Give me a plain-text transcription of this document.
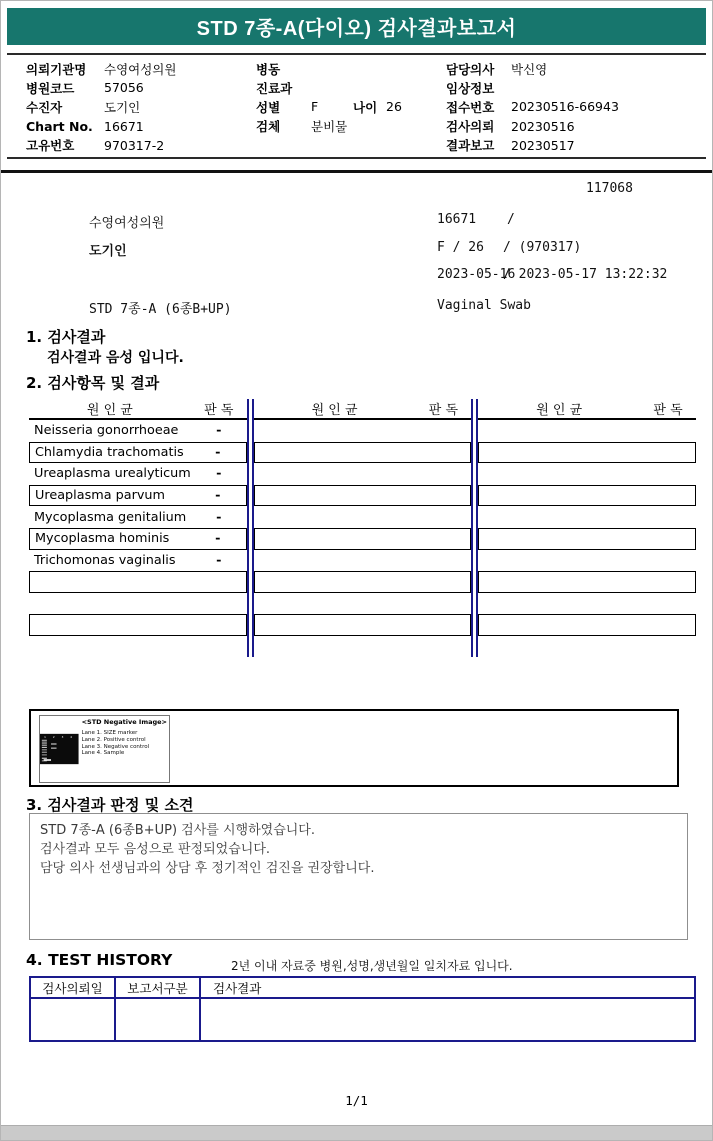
STD 7종-A(다이오) 검사결과보고서
의뢰기관명	수영여성의원
병원코드	57056
수진자	도기인
Chart No. 16671
고유번호	970317-2
병동
진료과
성별	F	나이 26
검체	분비물
담당의사	박신영
임상정보
접수번호	20230516-66943
검사의뢰	20230516
결과보고	20230517
117068
수영여성의원	16671 /
도기인	F / 26 / (970317)
2023-05-16
/ 2023-05-17 13:22:32
STD 7종-A (6종B+UP)	Vaginal Swab
1. 검사결과
검사결과 음성 입니다.
2. 검사항목 및 결과
원 인 균	판 독
Neisseria gonorrhoeae	-
Chlamydia trachomatis	-
Ureaplasma urealyticum	-
Ureaplasma parvum	-
Mycoplasma genitalium	-
Mycoplasma hominis	-
Trichomonas vaginalis	-
원 인 균	판 독	원 인 균	판 독
1 2 3 4
<STD Negative Image>
Lane 1. SIZE marker
Lane 2. Positive control
Lane 3. Negative control
Lane 4. Sample
3. 검사결과 판정 및 소견
STD 7종-A (6종B+UP) 검사를 시행하였습니다.
검사결과 모두 음성으로 판정되었습니다.
담당 의사 선생님과의 상담 후 정기적인 검진을 권장합니다.
4. TEST HISTORY	2년 이내 자료중 병원,성명,생년월일 일치자료 입니다.
검사의뢰일	보고서구분	검사결과
1/1
